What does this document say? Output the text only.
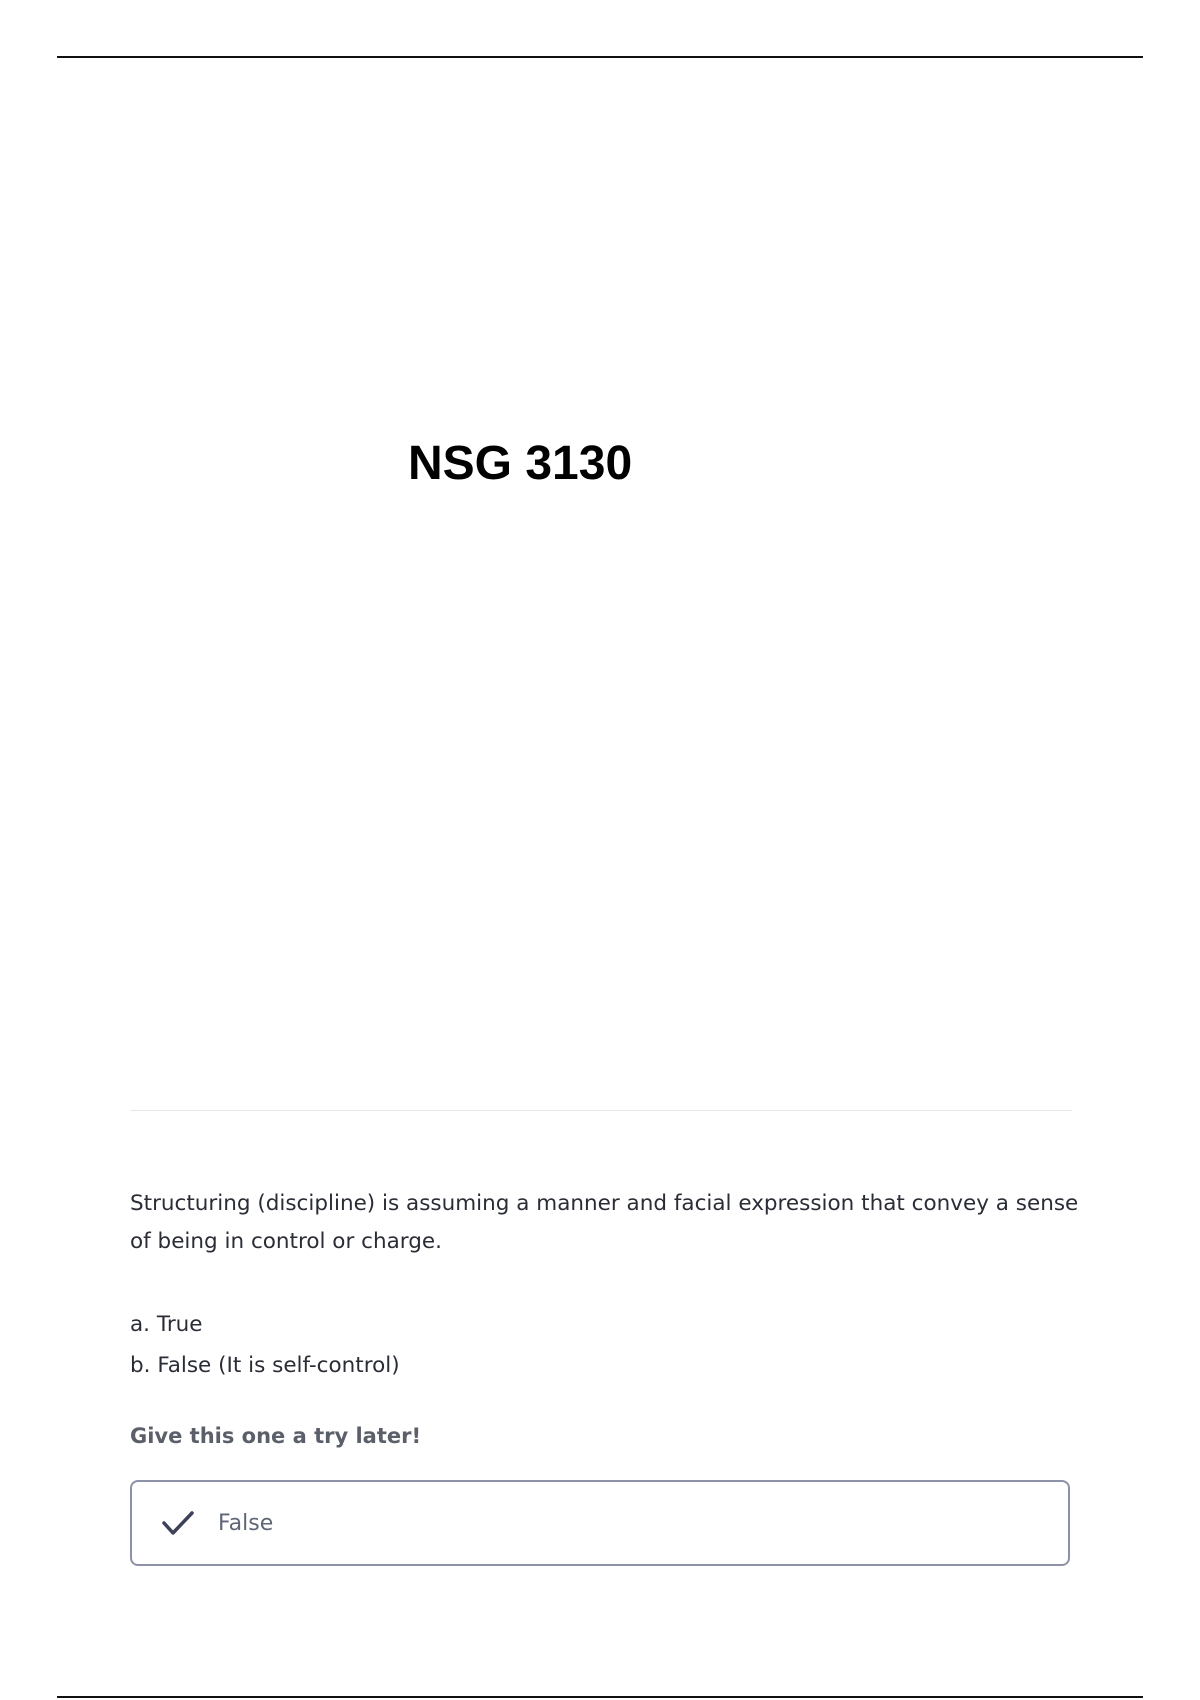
NSG 3130

Structuring (discipline) is assuming a manner and facial expression that convey a sense of being in control or charge.

a. True
b. False (It is self-control)

Give this one a try later!

False
